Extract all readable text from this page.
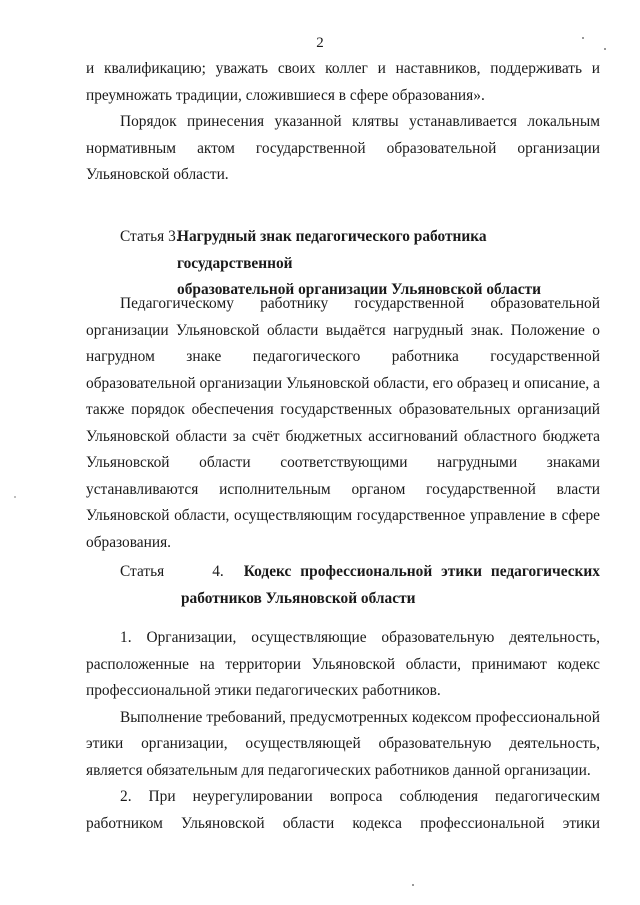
2

и квалификацию; уважать своих коллег и наставников, поддерживать и преумножать традиции, сложившиеся в сфере образования».

Порядок принесения указанной клятвы устанавливается локальным нормативным актом государственной образовательной организации Ульяновской области.

Статья 3.
Нагрудный знак педагогического работника государственной
образовательной организации Ульяновской области

Педагогическому работнику государственной образовательной организации Ульяновской области выдаётся нагрудный знак. Положение о нагрудном знаке педагогического работника государственной образовательной организации Ульяновской области, его образец и описание, а также порядок обеспечения государственных образовательных организаций Ульяновской области за счёт бюджетных ассигнований областного бюджета Ульяновской области соответствующими нагрудными знаками устанавливаются исполнительным органом государственной власти Ульяновской области, осуществляющим государственное управление в сфере образования.

Статья	4. Кодекс профессиональной этики педагогических
работников Ульяновской области

1. Организации, осуществляющие образовательную деятельность, расположенные на территории Ульяновской области, принимают кодекс профессиональной этики педагогических работников.

Выполнение требований, предусмотренных кодексом профессиональной этики организации, осуществляющей образовательную деятельность, является обязательным для педагогических работников данной организации.

2. При неурегулировании вопроса соблюдения педагогическим работником Ульяновской области кодекса профессиональной этики
